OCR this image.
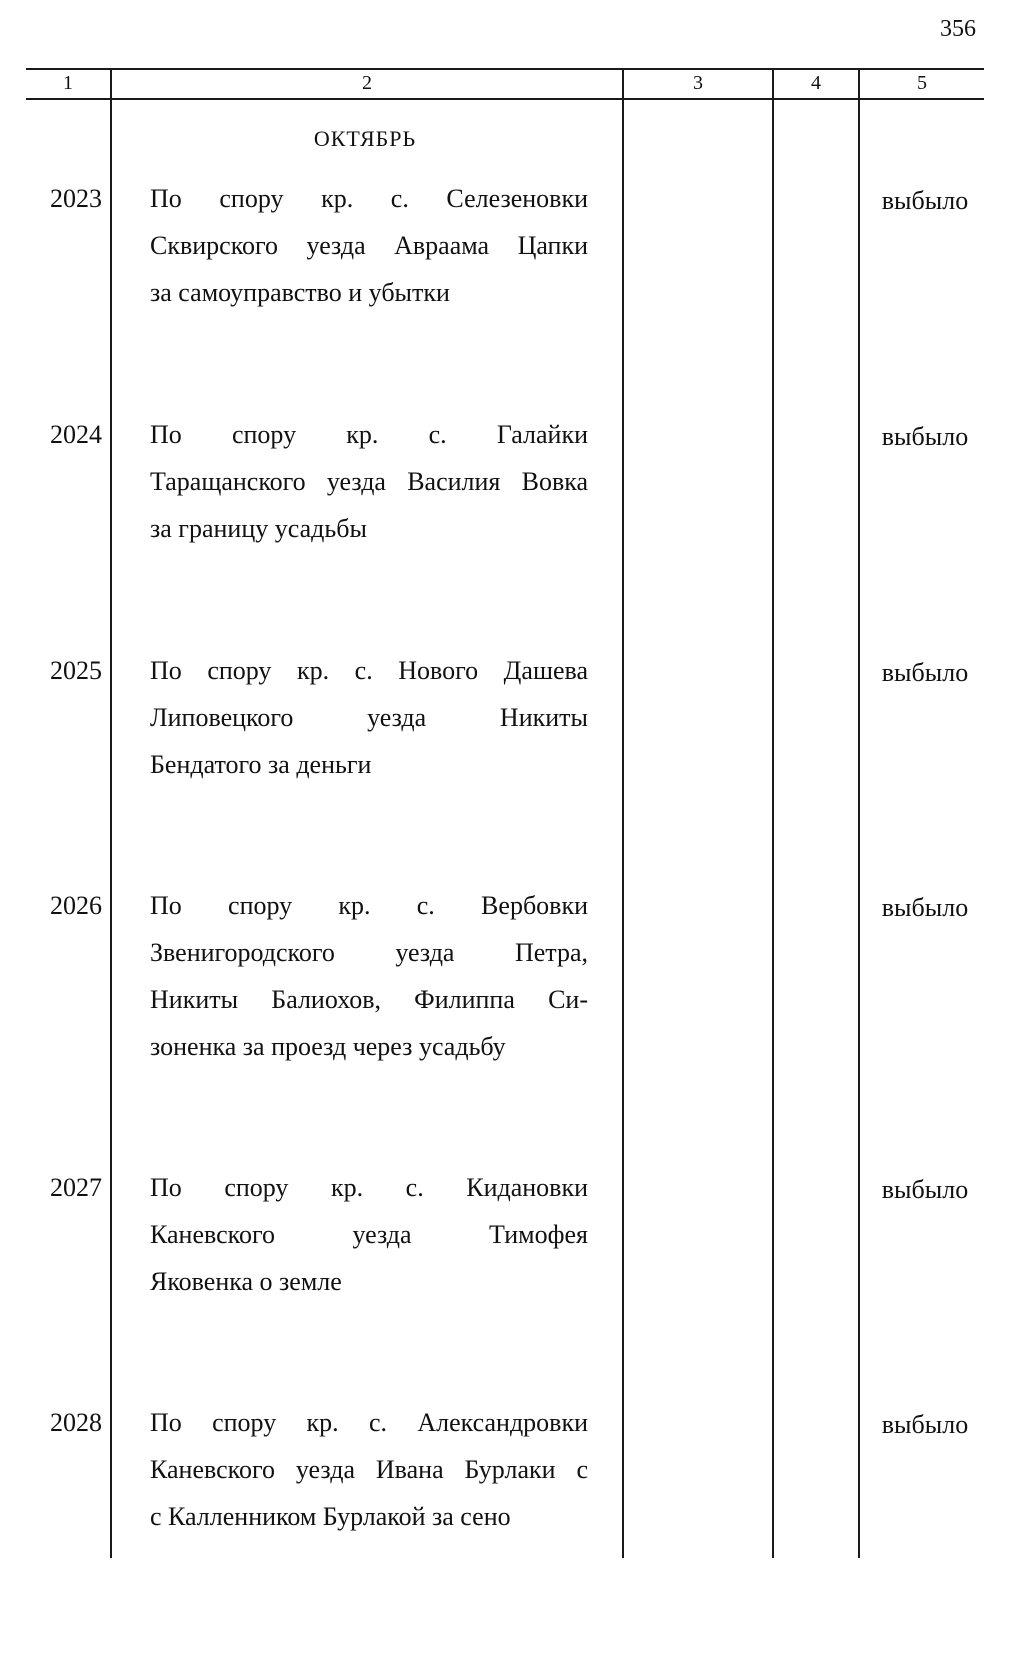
356
1	2	3	4	5
ОКТЯБРЬ
2023 По спору кр. с. Селезеновки
Сквирского уезда Авраама Цапки
за самоуправство и убытки
выбыло
2024 По спору кр. с. Галайки
Таращанского уезда Василия Вовка
за границу усадьбы
выбыло
2025 По спору кр. с. Нового Дашева
Липовецкого уезда Никиты
Бендатого за деньги
выбыло
2026 По спору кр. с. Вербовки
Звенигородского уезда Петра,
Никиты Балиохов, Филиппа Си-
зоненка за проезд через усадьбу
выбыло
2027 По спору кр. с. Кидановки
Каневского уезда Тимофея
Яковенка о земле
выбыло
2028 По спору кр. с. Александровки
Каневского уезда Ивана Бурлаки с
с Калленником Бурлакой за сено
выбыло
